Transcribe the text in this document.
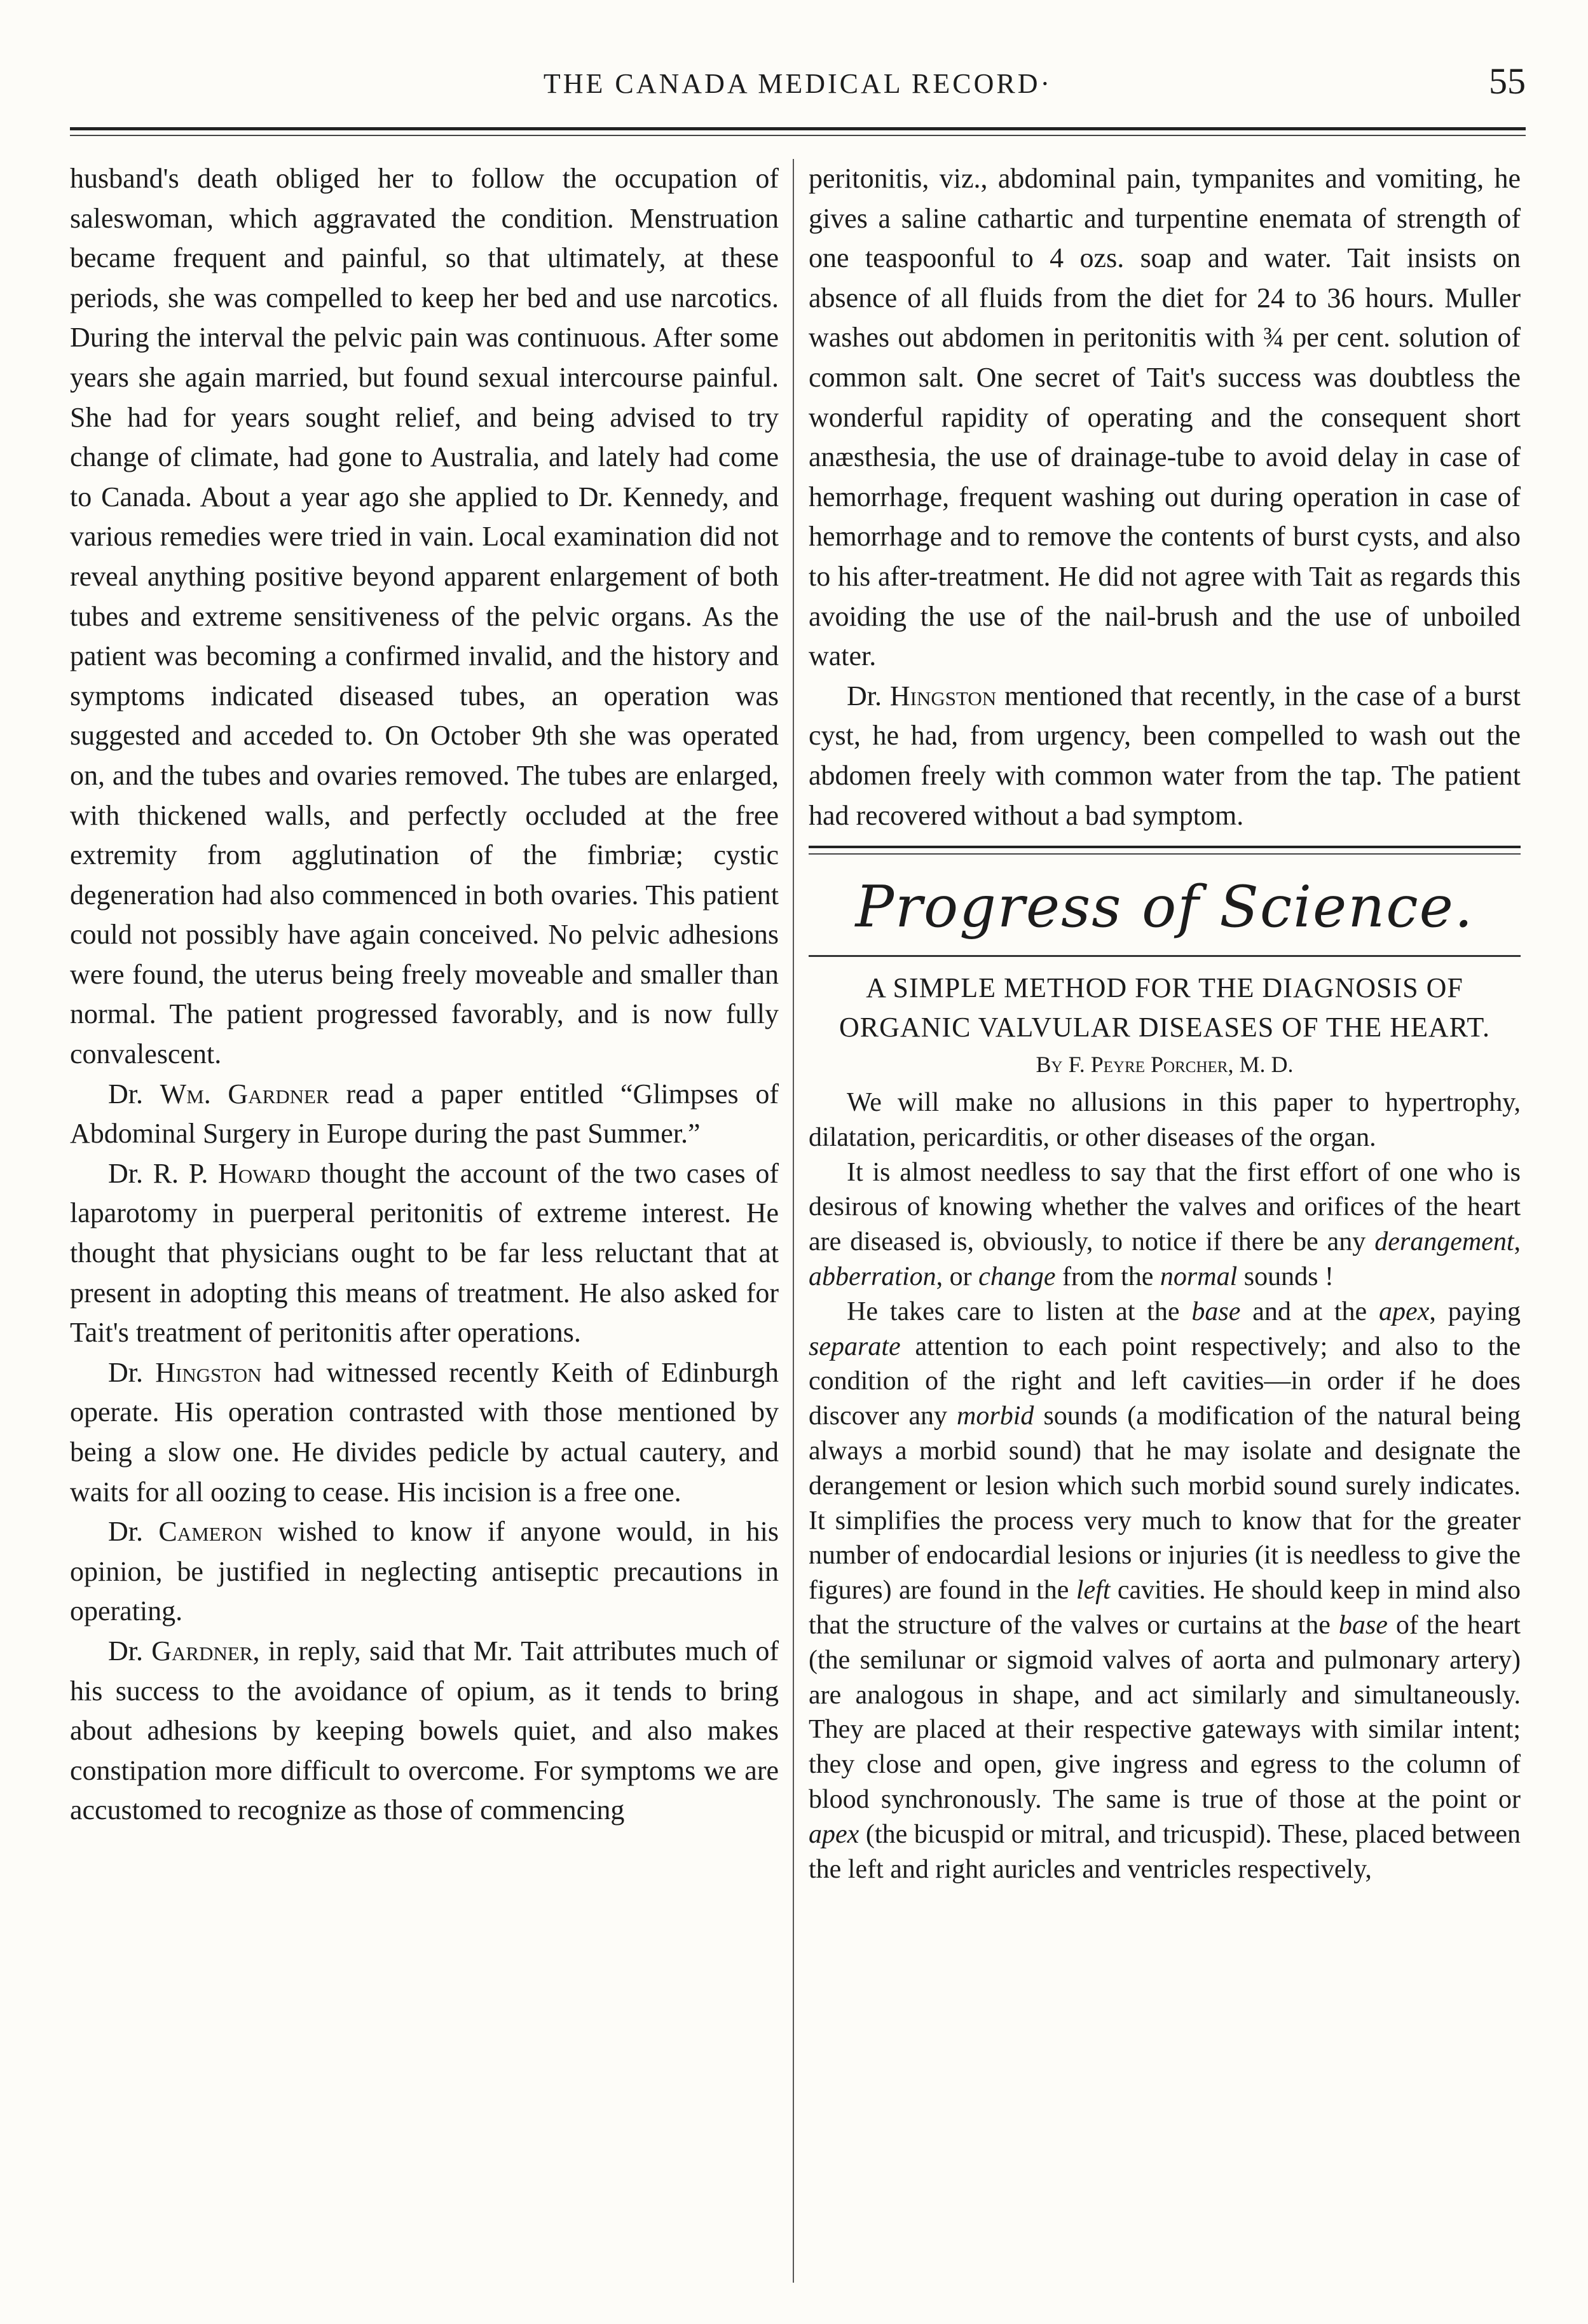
THE CANADA MEDICAL RECORD·	55

husband's death obliged her to follow the occupation of saleswoman, which aggravated the condition. Menstruation became frequent and painful, so that ultimately, at these periods, she was compelled to keep her bed and use narcotics. During the interval the pelvic pain was continuous. After some years she again married, but found sexual intercourse painful. She had for years sought relief, and being advised to try change of climate, had gone to Australia, and lately had come to Canada. About a year ago she applied to Dr. Kennedy, and various remedies were tried in vain. Local examination did not reveal anything positive beyond apparent enlargement of both tubes and extreme sensitiveness of the pelvic organs. As the patient was becoming a confirmed invalid, and the history and symptoms indicated diseased tubes, an operation was suggested and acceded to. On October 9th she was operated on, and the tubes and ovaries removed. The tubes are enlarged, with thickened walls, and perfectly occluded at the free extremity from agglutination of the fimbriæ; cystic degeneration had also commenced in both ovaries. This patient could not possibly have again conceived. No pelvic adhesions were found, the uterus being freely moveable and smaller than normal. The patient progressed favorably, and is now fully convalescent.

Dr. Wm. Gardner read a paper entitled “Glimpses of Abdominal Surgery in Europe during the past Summer.”

Dr. R. P. Howard thought the account of the two cases of laparotomy in puerperal peritonitis of extreme interest. He thought that physicians ought to be far less reluctant that at present in adopting this means of treatment. He also asked for Tait's treatment of peritonitis after operations.

Dr. Hingston had witnessed recently Keith of Edinburgh operate. His operation contrasted with those mentioned by being a slow one. He divides pedicle by actual cautery, and waits for all oozing to cease. His incision is a free one.

Dr. Cameron wished to know if anyone would, in his opinion, be justified in neglecting antiseptic precautions in operating.

Dr. Gardner, in reply, said that Mr. Tait attributes much of his success to the avoidance of opium, as it tends to bring about adhesions by keeping bowels quiet, and also makes constipation more difficult to overcome. For symptoms we are accustomed to recognize as those of commencing

peritonitis, viz., abdominal pain, tympanites and vomiting, he gives a saline cathartic and turpentine enemata of strength of one teaspoonful to 4 ozs. soap and water. Tait insists on absence of all fluids from the diet for 24 to 36 hours. Muller washes out abdomen in peritonitis with ¾ per cent. solution of common salt. One secret of Tait's success was doubtless the wonderful rapidity of operating and the consequent short anæsthesia, the use of drainage-tube to avoid delay in case of hemorrhage, frequent washing out during operation in case of hemorrhage and to remove the contents of burst cysts, and also to his after-treatment. He did not agree with Tait as regards this avoiding the use of the nail-brush and the use of unboiled water.

Dr. Hingston mentioned that recently, in the case of a burst cyst, he had, from urgency, been compelled to wash out the abdomen freely with common water from the tap. The patient had recovered without a bad symptom.

Progress of Science.
A SIMPLE METHOD FOR THE DIAGNOSIS OF ORGANIC VALVULAR DISEASES OF THE HEART.
By F. Peyre Porcher, M. D.

We will make no allusions in this paper to hypertrophy, dilatation, pericarditis, or other diseases of the organ.

It is almost needless to say that the first effort of one who is desirous of knowing whether the valves and orifices of the heart are diseased is, obviously, to notice if there be any derangement, abberration, or change from the normal sounds !

He takes care to listen at the base and at the apex, paying separate attention to each point respectively; and also to the condition of the right and left cavities—in order if he does discover any morbid sounds (a modification of the natural being always a morbid sound) that he may isolate and designate the derangement or lesion which such morbid sound surely indicates. It simplifies the process very much to know that for the greater number of endocardial lesions or injuries (it is needless to give the figures) are found in the left cavities. He should keep in mind also that the structure of the valves or curtains at the base of the heart (the semilunar or sigmoid valves of aorta and pulmonary artery) are analogous in shape, and act similarly and simultaneously. They are placed at their respective gateways with similar intent; they close and open, give ingress and egress to the column of blood synchronously. The same is true of those at the point or apex (the bicuspid or mitral, and tricuspid). These, placed between the left and right auricles and ventricles respectively,
